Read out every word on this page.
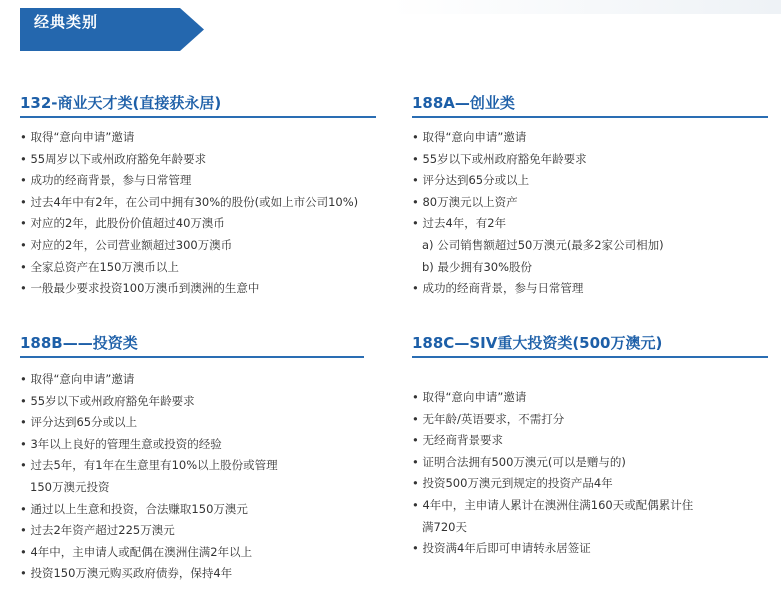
经典类别
132-商业天才类(直接获永居)
• 取得“意向申请”邀请
• 55周岁以下或州政府豁免年龄要求
• 成功的经商背景，参与日常管理
• 过去4年中有2年，在公司中拥有30%的股份(或如上市公司10%)
• 对应的2年，此股份价值超过40万澳币
• 对应的2年，公司营业额超过300万澳币
• 全家总资产在150万澳币以上
• 一般最少要求投资100万澳币到澳洲的生意中
188A—创业类
• 取得“意向申请”邀请
• 55岁以下或州政府豁免年龄要求
• 评分达到65分或以上
• 80万澳元以上资产
• 过去4年，有2年
a) 公司销售额超过50万澳元(最多2家公司相加)
b) 最少拥有30%股份
• 成功的经商背景，参与日常管理
188B——投资类
• 取得“意向申请”邀请
• 55岁以下或州政府豁免年龄要求
• 评分达到65分或以上
• 3年以上良好的管理生意或投资的经验
• 过去5年，有1年在生意里有10%以上股份或管理
150万澳元投资
• 通过以上生意和投资，合法赚取150万澳元
• 过去2年资产超过225万澳元
• 4年中，主申请人或配偶在澳洲住满2年以上
• 投资150万澳元购买政府债券，保持4年
188C—SIV重大投资类(500万澳元)
• 取得“意向申请”邀请
• 无年龄/英语要求，不需打分
• 无经商背景要求
• 证明合法拥有500万澳元(可以是赠与的)
• 投资500万澳元到规定的投资产品4年
• 4年中，主申请人累计在澳洲住满160天或配偶累计住
满720天
• 投资满4年后即可申请转永居签证
